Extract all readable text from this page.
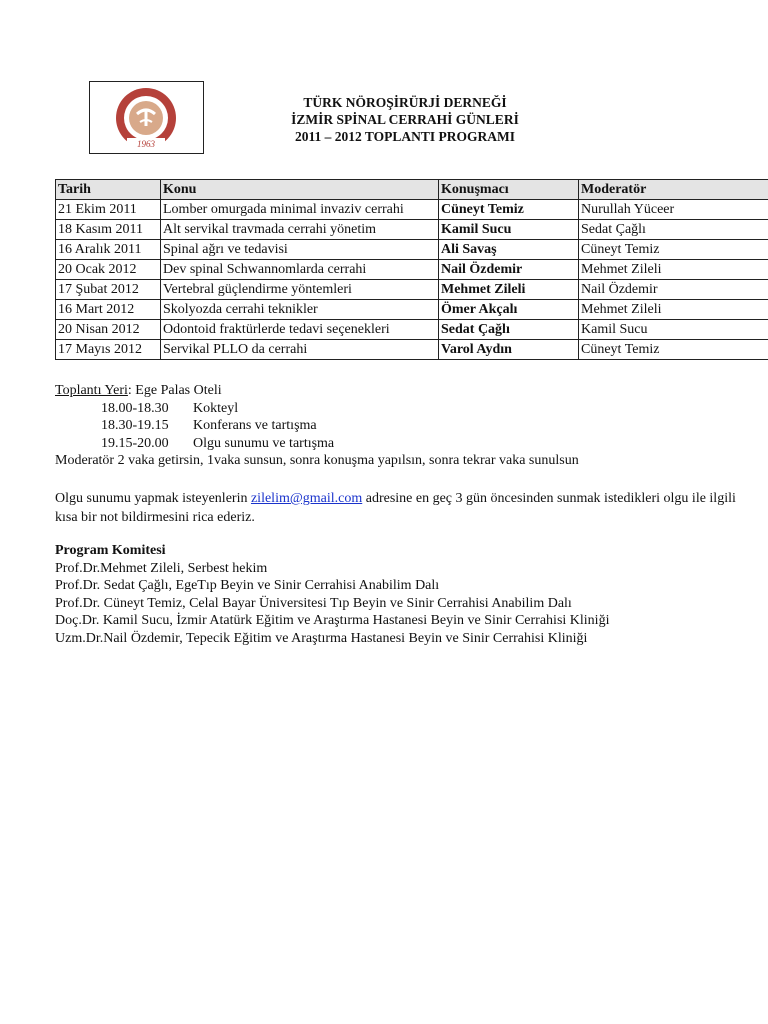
1963
TÜRK NÖROŞİRÜRJİ DERNEĞİ
İZMİR SPİNAL CERRAHİ GÜNLERİ
2011 – 2012 TOPLANTI PROGRAMI
Tarih	Konu	Konuşmacı	Moderatör
21 Ekim 2011	Lomber omurgada minimal invaziv cerrahi	Cüneyt Temiz	Nurullah Yüceer
18 Kasım 2011	Alt servikal travmada cerrahi yönetim	Kamil Sucu	Sedat Çağlı
16 Aralık 2011	Spinal ağrı ve tedavisi	Ali Savaş	Cüneyt Temiz
20 Ocak 2012	Dev spinal Schwannomlarda cerrahi	Nail Özdemir	Mehmet Zileli
17 Şubat 2012	Vertebral güçlendirme yöntemleri	Mehmet Zileli	Nail Özdemir
16 Mart 2012	Skolyozda cerrahi teknikler	Ömer Akçalı	Mehmet Zileli
20 Nisan 2012	Odontoid fraktürlerde tedavi seçenekleri	Sedat Çağlı	Kamil Sucu
17 Mayıs 2012	Servikal PLLO da cerrahi	Varol Aydın	Cüneyt Temiz
Toplantı Yeri: Ege Palas Oteli
18.00-18.30	Kokteyl
18.30-19.15	Konferans ve tartışma
19.15-20.00	Olgu sunumu ve tartışma
Moderatör 2 vaka getirsin, 1vaka sunsun, sonra konuşma yapılsın, sonra tekrar vaka sunulsun
Olgu sunumu yapmak isteyenlerin zilelim@gmail.com adresine en geç 3 gün öncesinden sunmak istedikleri olgu ile ilgili kısa bir not bildirmesini rica ederiz.
Program Komitesi
Prof.Dr.Mehmet Zileli, Serbest hekim
Prof.Dr. Sedat Çağlı, EgeTıp Beyin ve Sinir Cerrahisi Anabilim Dalı
Prof.Dr. Cüneyt Temiz, Celal Bayar Üniversitesi Tıp Beyin ve Sinir Cerrahisi Anabilim Dalı
Doç.Dr. Kamil Sucu, İzmir Atatürk Eğitim ve Araştırma Hastanesi Beyin ve Sinir Cerrahisi Kliniği
Uzm.Dr.Nail Özdemir, Tepecik Eğitim ve Araştırma Hastanesi Beyin ve Sinir Cerrahisi Kliniği
